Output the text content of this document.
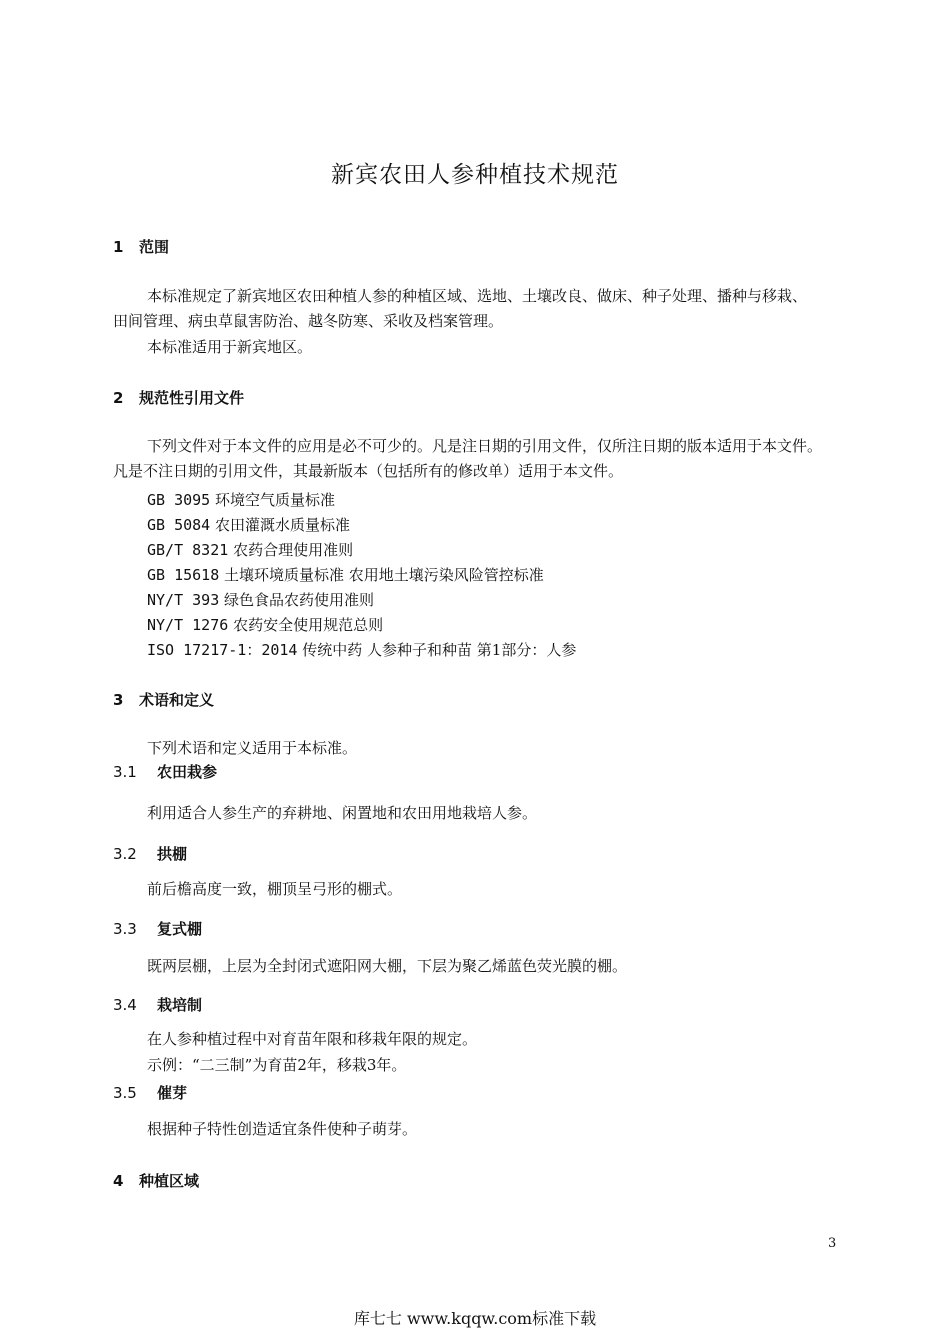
新宾农田人参种植技术规范
1 范围
本标准规定了新宾地区农田种植人参的种植区域、选地、土壤改良、做床、种子处理、播种与移栽、
田间管理、病虫草鼠害防治、越冬防寒、采收及档案管理。
本标准适用于新宾地区。
2 规范性引用文件
下列文件对于本文件的应用是必不可少的。凡是注日期的引用文件，仅所注日期的版本适用于本文件。
凡是不注日期的引用文件，其最新版本（包括所有的修改单）适用于本文件。
GB 3095 环境空气质量标准
GB 5084 农田灌溉水质量标准
GB/T 8321 农药合理使用准则
GB 15618 土壤环境质量标准 农用地土壤污染风险管控标准
NY/T 393 绿色食品农药使用准则
NY/T 1276 农药安全使用规范总则
ISO 17217-1：2014 传统中药 人参种子和种苗 第1部分：人参
3 术语和定义
下列术语和定义适用于本标准。
3.1 农田栽参
利用适合人参生产的弃耕地、闲置地和农田用地栽培人参。
3.2 拱棚
前后檐高度一致，棚顶呈弓形的棚式。
3.3 复式棚
既两层棚，上层为全封闭式遮阳网大棚，下层为聚乙烯蓝色荧光膜的棚。
3.4 栽培制
在人参种植过程中对育苗年限和移栽年限的规定。
示例：“二三制”为育苗2年，移栽3年。
3.5 催芽
根据种子特性创造适宜条件使种子萌芽。
4 种植区域
3
库七七 www.kqqw.com标准下载
